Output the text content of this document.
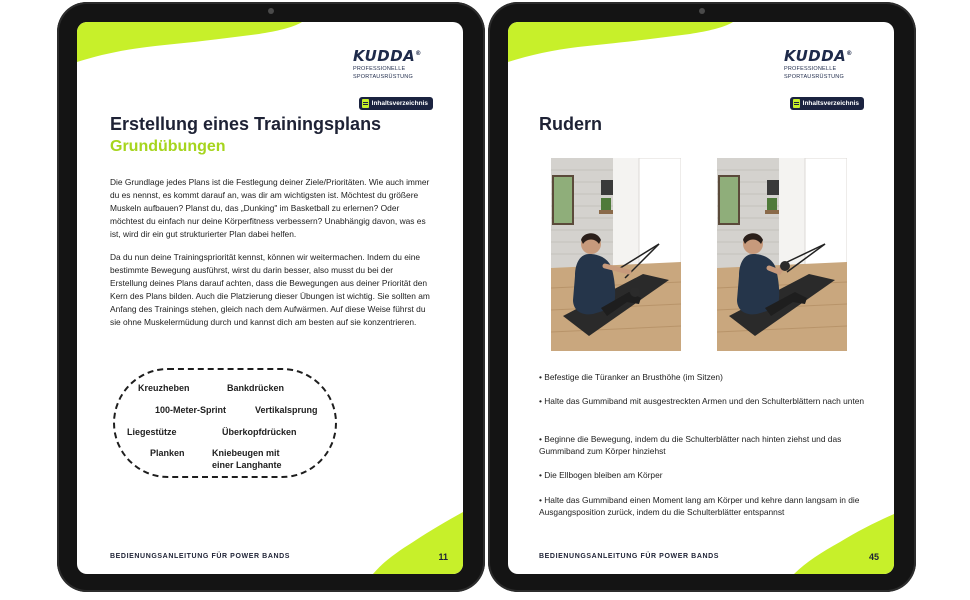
KUDDA®
PROFESSIONELLE
SPORTAUSRÜSTUNG
Inhaltsverzeichnis
Erstellung eines Trainingsplans
Grundübungen

Die Grundlage jedes Plans ist die Festlegung deiner Ziele/Prioritäten. Wie auch immer du es nennst, es kommt darauf an, was dir am wichtigsten ist. Möchtest du größere Muskeln aufbauen? Planst du, das „Dunking" im Basketball zu erlernen? Oder möchtest du einfach nur deine Körperfitness verbessern? Unabhängig davon, was es ist, wird dir ein gut strukturierter Plan dabei helfen.

Da du nun deine Trainingspriorität kennst, können wir weitermachen. Indem du eine bestimmte Bewegung ausführst, wirst du darin besser, also musst du bei der Erstellung deines Plans darauf achten, dass die Bewegungen aus deiner Priorität den Kern des Plans bilden. Auch die Platzierung dieser Übungen ist wichtig. Sie sollten am Anfang des Trainings stehen, gleich nach dem Aufwärmen. Auf diese Weise führst du sie ohne Muskelermüdung durch und kannst dich am besten auf sie konzentrieren.

Kreuzheben	Bankdrücken
100-Meter-Sprint	Vertikalsprung
Liegestütze	Überkopfdrücken
Planken	Kniebeugen mit
einer Langhante
BEDIENUNGSANLEITUNG FÜR POWER BANDS	11
KUDDA®
PROFESSIONELLE
SPORTAUSRÜSTUNG
Inhaltsverzeichnis
Rudern

• Befestige die Türanker an Brusthöhe (im Sitzen)

• Halte das Gummiband mit ausgestreckten Armen und den Schulterblättern nach unten

• Beginne die Bewegung, indem du die Schulterblätter nach hinten ziehst und das Gummiband zum Körper hinziehst

• Die Ellbogen bleiben am Körper

• Halte das Gummiband einen Moment lang am Körper und kehre dann langsam in die Ausgangsposition zurück, indem du die Schulterblätter entspannst

BEDIENUNGSANLEITUNG FÜR POWER BANDS	45
